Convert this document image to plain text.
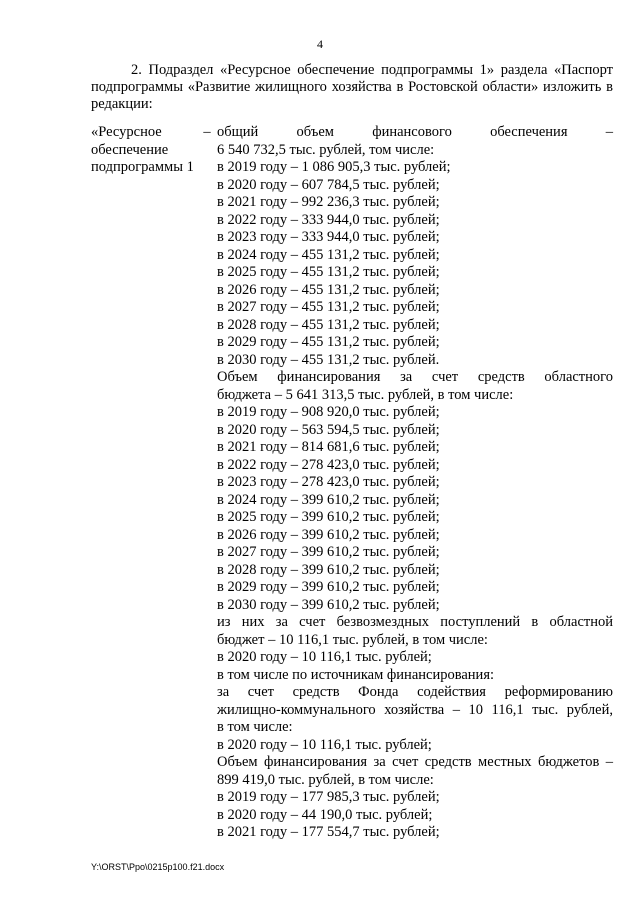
4

2. Подраздел «Ресурсное обеспечение подпрограммы 1» раздела «Паспорт подпрограммы «Развитие жилищного хозяйства в Ростовской области» изложить в редакции:

«Ресурсное
обеспечение
подпрограммы 1
– общий объем финансового обеспечения –
6 540 732,5 тыс. рублей, том числе:
в 2019 году – 1 086 905,3 тыс. рублей;
в 2020 году – 607 784,5 тыс. рублей;
в 2021 году – 992 236,3 тыс. рублей;
в 2022 году – 333 944,0 тыс. рублей;
в 2023 году – 333 944,0 тыс. рублей;
в 2024 году – 455 131,2 тыс. рублей;
в 2025 году – 455 131,2 тыс. рублей;
в 2026 году – 455 131,2 тыс. рублей;
в 2027 году – 455 131,2 тыс. рублей;
в 2028 году – 455 131,2 тыс. рублей;
в 2029 году – 455 131,2 тыс. рублей;
в 2030 году – 455 131,2 тыс. рублей.
Объем финансирования за счет средств областного
бюджета – 5 641 313,5 тыс. рублей, в том числе:
в 2019 году – 908 920,0 тыс. рублей;
в 2020 году – 563 594,5 тыс. рублей;
в 2021 году – 814 681,6 тыс. рублей;
в 2022 году – 278 423,0 тыс. рублей;
в 2023 году – 278 423,0 тыс. рублей;
в 2024 году – 399 610,2 тыс. рублей;
в 2025 году – 399 610,2 тыс. рублей;
в 2026 году – 399 610,2 тыс. рублей;
в 2027 году – 399 610,2 тыс. рублей;
в 2028 году – 399 610,2 тыс. рублей;
в 2029 году – 399 610,2 тыс. рублей;
в 2030 году – 399 610,2 тыс. рублей;
из них за счет безвозмездных поступлений в областной
бюджет – 10 116,1 тыс. рублей, в том числе:
в 2020 году – 10 116,1 тыс. рублей;
в том числе по источникам финансирования:
за счет средств Фонда содействия реформированию
жилищно-коммунального хозяйства – 10 116,1 тыс. рублей,
в том числе:
в 2020 году – 10 116,1 тыс. рублей;
Объем финансирования за счет средств местных бюджетов –
899 419,0 тыс. рублей, в том числе:
в 2019 году – 177 985,3 тыс. рублей;
в 2020 году – 44 190,0 тыс. рублей;
в 2021 году – 177 554,7 тыс. рублей;
Y:\ORST\Ppo\0215p100.f21.docx
